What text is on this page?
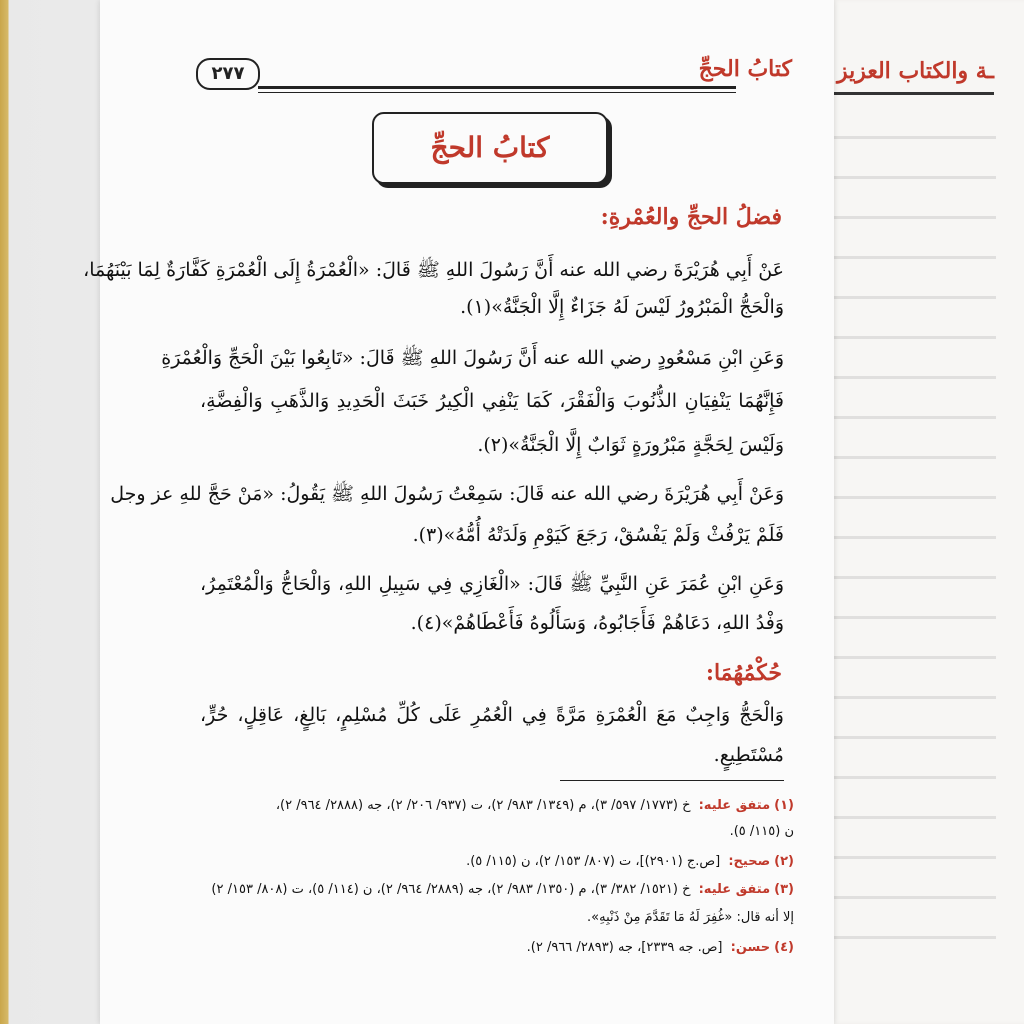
ـة والكتاب العزيز
٢٧٧	كتابُ الحجِّ
كتابُ الحجِّ
فضلُ الحجِّ والعُمْرةِ:
عَنْ أَبِي هُرَيْرَةَ رضي الله عنه أَنَّ رَسُولَ اللهِ ﷺ قَالَ: «الْعُمْرَةُ إِلَى الْعُمْرَةِ كَفَّارَةٌ لِمَا بَيْنَهُمَا،
وَالْحَجُّ الْمَبْرُورُ لَيْسَ لَهُ جَزَاءٌ إِلَّا الْجَنَّةُ»(١).
وَعَنِ ابْنِ مَسْعُودٍ رضي الله عنه أَنَّ رَسُولَ اللهِ ﷺ قَالَ: «تَابِعُوا بَيْنَ الْحَجِّ وَالْعُمْرَةِ
فَإِنَّهُمَا يَنْفِيَانِ الذُّنُوبَ وَالْفَقْرَ، كَمَا يَنْفِي الْكِيرُ خَبَثَ الْحَدِيدِ وَالذَّهَبِ وَالْفِضَّةِ،
وَلَيْسَ لِحَجَّةٍ مَبْرُورَةٍ ثَوَابٌ إِلَّا الْجَنَّةُ»(٢).
وَعَنْ أَبِي هُرَيْرَةَ رضي الله عنه قَالَ: سَمِعْتُ رَسُولَ اللهِ ﷺ يَقُولُ: «مَنْ حَجَّ للهِ عز وجل
فَلَمْ يَرْفُثْ وَلَمْ يَفْسُقْ، رَجَعَ كَيَوْمِ وَلَدَتْهُ أُمُّهُ»(٣).
وَعَنِ ابْنِ عُمَرَ عَنِ النَّبِيِّ ﷺ قَالَ: «الْغَازِي فِي سَبِيلِ اللهِ، وَالْحَاجُّ وَالْمُعْتَمِرُ،
وَفْدُ اللهِ، دَعَاهُمْ فَأَجَابُوهُ، وَسَأَلُوهُ فَأَعْطَاهُمْ»(٤).
حُكْمُهُمَا:
وَالْحَجُّ وَاجِبٌ مَعَ الْعُمْرَةِ مَرَّةً فِي الْعُمُرِ عَلَى كُلِّ مُسْلِمٍ، بَالِغٍ، عَاقِلٍ، حُرٍّ،
مُسْتَطِيعٍ.
(١)متفق عليه: خ (١٧٧٣/ ٥٩٧/ ٣)، م (١٣٤٩/ ٩٨٣/ ٢)، ت (٩٣٧/ ٢٠٦/ ٢)، جه (٢٨٨٨/ ٩٦٤/ ٢)،
ن (١١٥/ ٥).
(٢)صحيح: [ص.ج (٢٩٠١)]، ت (٨٠٧/ ١٥٣/ ٢)، ن (١١٥/ ٥).
(٣)متفق عليه: خ (١٥٢١/ ٣٨٢/ ٣)، م (١٣٥٠/ ٩٨٣/ ٢)، جه (٢٨٨٩/ ٩٦٤/ ٢)، ن (١١٤/ ٥)، ت (٨٠٨/ ١٥٣/ ٢)
إلا أنه قال: «غُفِرَ لَهُ مَا تَقَدَّمَ مِنْ ذَنْبِهِ».
(٤)حسن: [ص. جه ٢٣٣٩]، جه (٢٨٩٣/ ٩٦٦/ ٢).
